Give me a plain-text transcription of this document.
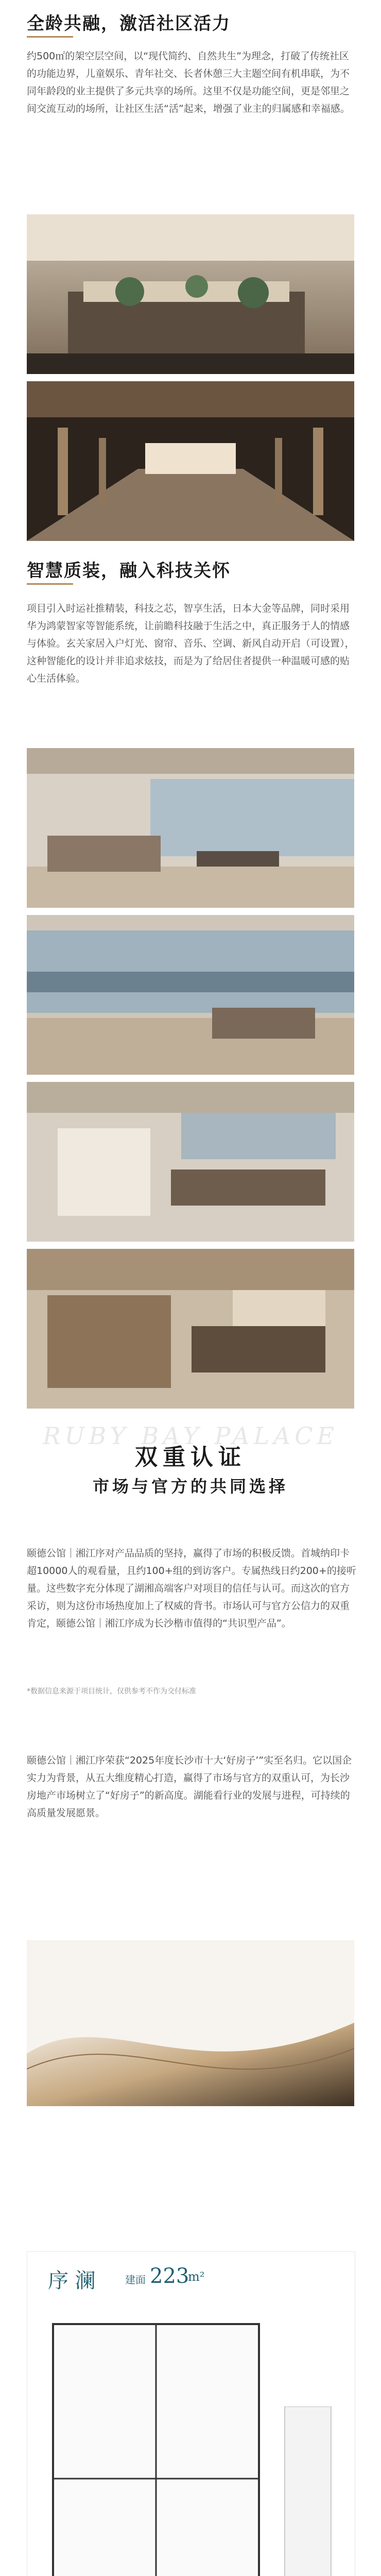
全龄共融，激活社区活力
约500㎡的架空层空间，以“现代简约、自然共生”为理念，打破了传统社区的功能边界，儿童娱乐、青年社交、长者休憩三大主题空间有机串联，为不同年龄段的业主提供了多元共享的场所。这里不仅是功能空间，更是邻里之间交流互动的场所，让社区生活“活”起来，增强了业主的归属感和幸福感。
智慧质装，融入科技关怀
项目引入时运社推精装，科技之芯，智享生活，日本大金等品牌，同时采用华为鸿蒙智家等智能系统，让前瞻科技融于生活之中，真正服务于人的情感与体验。玄关家居入户灯光、窗帘、音乐、空调、新风自动开启（可设置），这种智能化的设计并非追求炫技，而是为了给居住者提供一种温暖可感的贴心生活体验。
RUBY BAY PALACE
双重认证
市场与官方的共同选择
颐德公馆｜湘江序对产品品质的坚持，赢得了市场的积极反馈。首城纳印卡超10000人的观看量，且约100+组的到访客户。专属热线日约200+的接听量。这些数字充分体现了湖湘高端客户对项目的信任与认可。而这次的官方采访，则为这份市场热度加上了权威的背书。市场认可与官方公信力的双重肯定，颐德公馆｜湘江序成为长沙楷市值得的“共识型产品”。
*数据信息来源于项目统计，仅供参考不作为交付标准
颐德公馆｜湘江序荣获“2025年度长沙市十大‘好房子’”实至名归。它以国企实力为背景，从五大维度精心打造，赢得了市场与官方的双重认可，为长沙房地产市场树立了“好房子”的新高度。湖能看行业的发展与进程，可持续的高质量发展愿景。
序 澜	建面 223
m²
